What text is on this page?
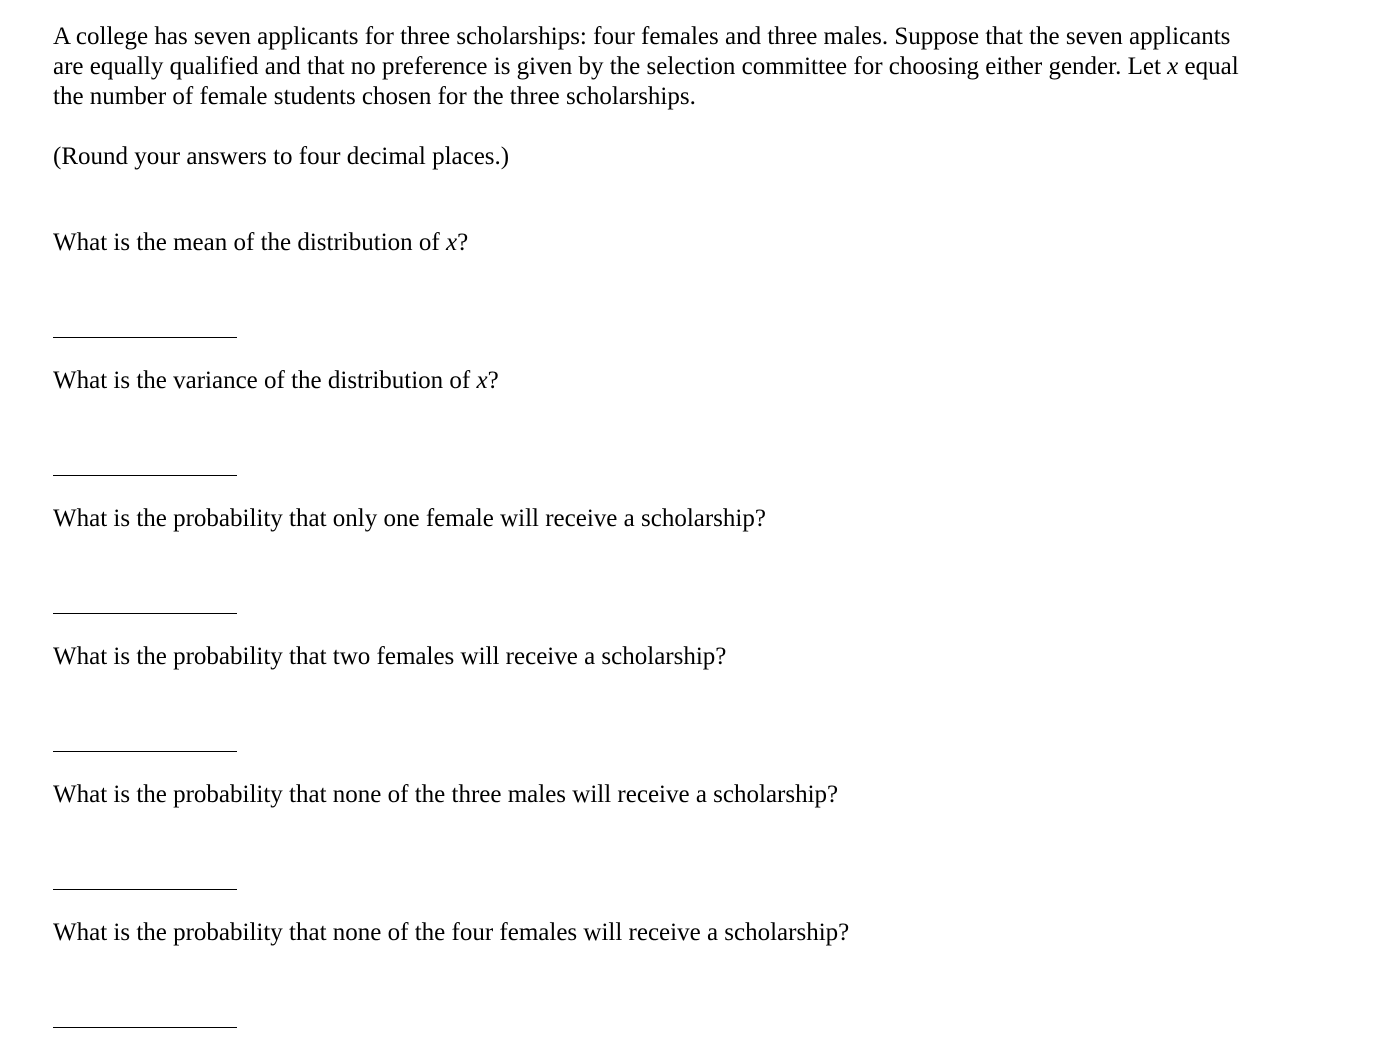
A college has seven applicants for three scholarships: four females and three males. Suppose that the seven applicants are equally qualified and that no preference is given by the selection committee for choosing either gender. Let x equal the number of female students chosen for the three scholarships.

(Round your answers to four decimal places.)

What is the mean of the distribution of x?

What is the variance of the distribution of x?

What is the probability that only one female will receive a scholarship?

What is the probability that two females will receive a scholarship?

What is the probability that none of the three males will receive a scholarship?

What is the probability that none of the four females will receive a scholarship?
